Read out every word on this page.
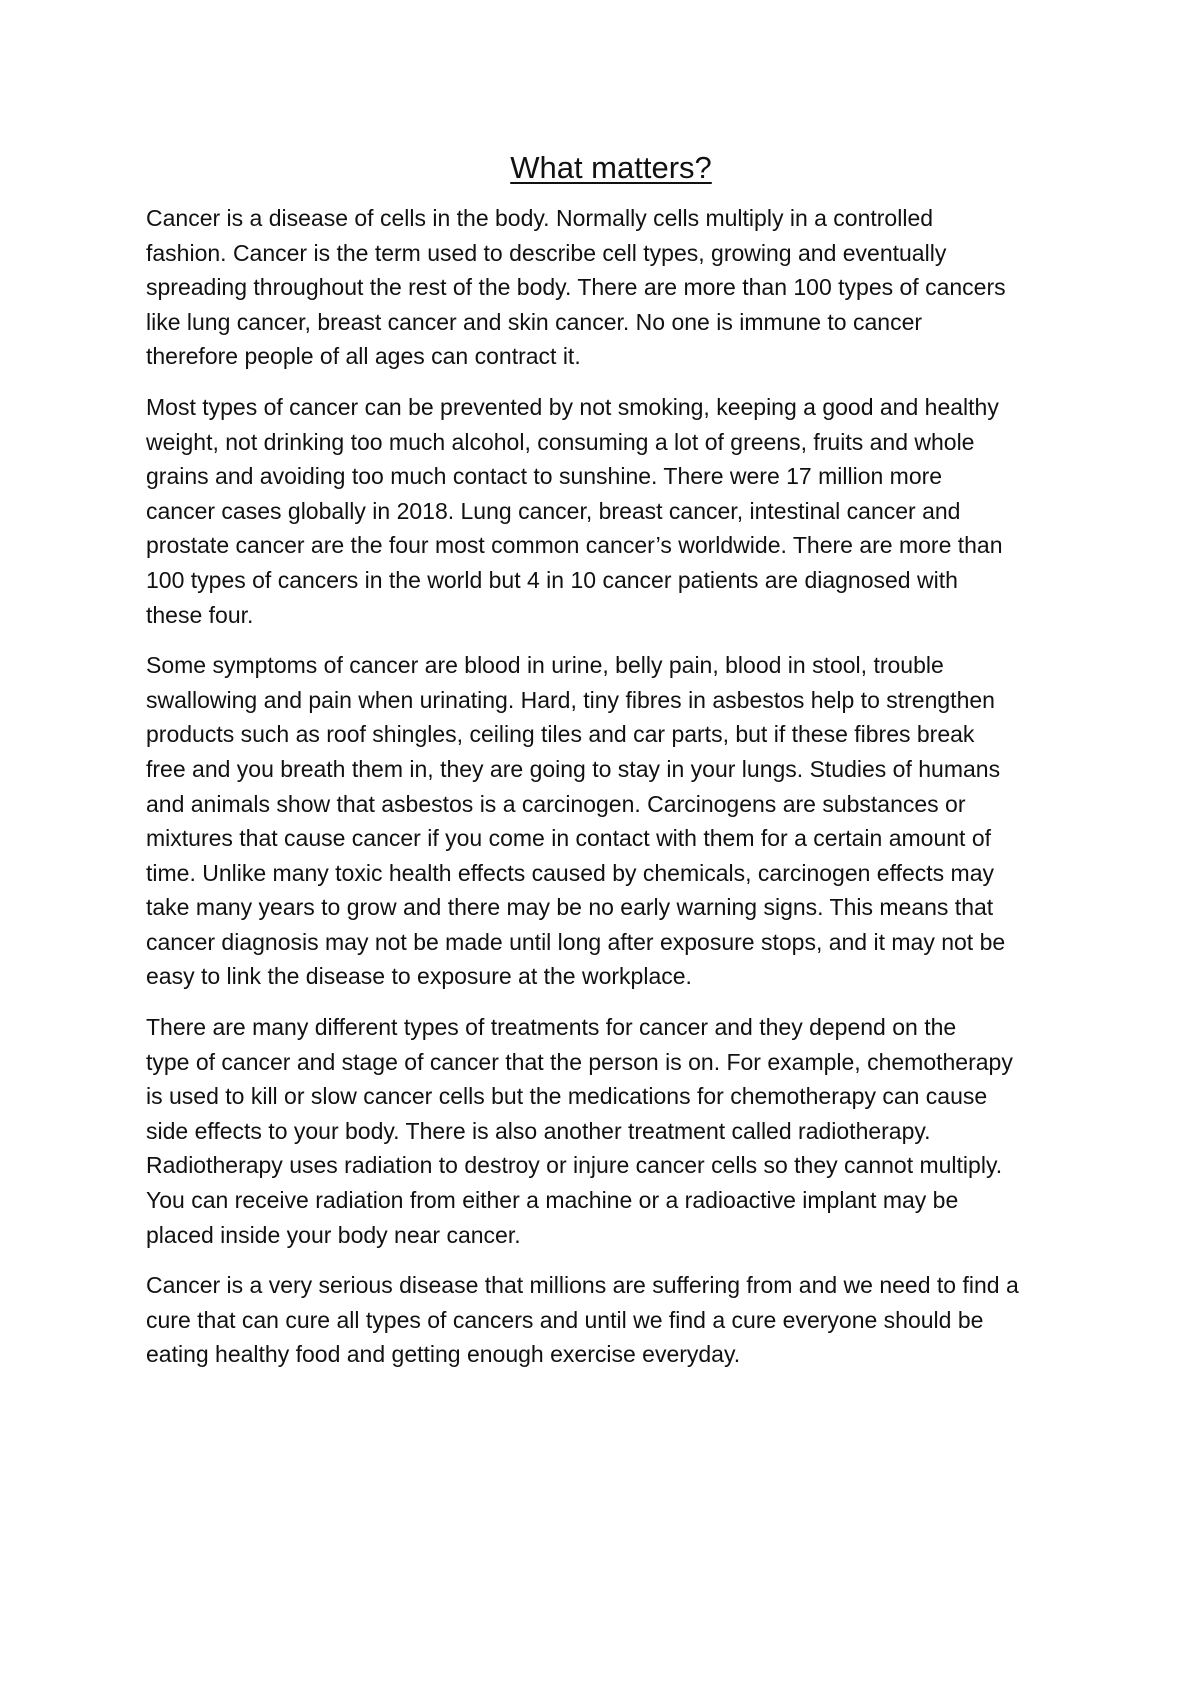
What matters?

Cancer is a disease of cells in the body. Normally cells multiply in a controlled
fashion. Cancer is the term used to describe cell types, growing and eventually
spreading throughout the rest of the body. There are more than 100 types of cancers
like lung cancer, breast cancer and skin cancer. No one is immune to cancer
therefore people of all ages can contract it.

Most types of cancer can be prevented by not smoking, keeping a good and healthy
weight, not drinking too much alcohol, consuming a lot of greens, fruits and whole
grains and avoiding too much contact to sunshine. There were 17 million more
cancer cases globally in 2018. Lung cancer, breast cancer, intestinal cancer and
prostate cancer are the four most common cancer’s worldwide. There are more than
100 types of cancers in the world but 4 in 10 cancer patients are diagnosed with
these four.

Some symptoms of cancer are blood in urine, belly pain, blood in stool, trouble
swallowing and pain when urinating. Hard, tiny fibres in asbestos help to strengthen
products such as roof shingles, ceiling tiles and car parts, but if these fibres break
free and you breath them in, they are going to stay in your lungs. Studies of humans
and animals show that asbestos is a carcinogen. Carcinogens are substances or
mixtures that cause cancer if you come in contact with them for a certain amount of
time. Unlike many toxic health effects caused by chemicals, carcinogen effects may
take many years to grow and there may be no early warning signs. This means that
cancer diagnosis may not be made until long after exposure stops, and it may not be
easy to link the disease to exposure at the workplace.

There are many different types of treatments for cancer and they depend on the
type of cancer and stage of cancer that the person is on. For example, chemotherapy
is used to kill or slow cancer cells but the medications for chemotherapy can cause
side effects to your body. There is also another treatment called radiotherapy.
Radiotherapy uses radiation to destroy or injure cancer cells so they cannot multiply.
You can receive radiation from either a machine or a radioactive implant may be
placed inside your body near cancer.

Cancer is a very serious disease that millions are suffering from and we need to find a
cure that can cure all types of cancers and until we find a cure everyone should be
eating healthy food and getting enough exercise everyday.
